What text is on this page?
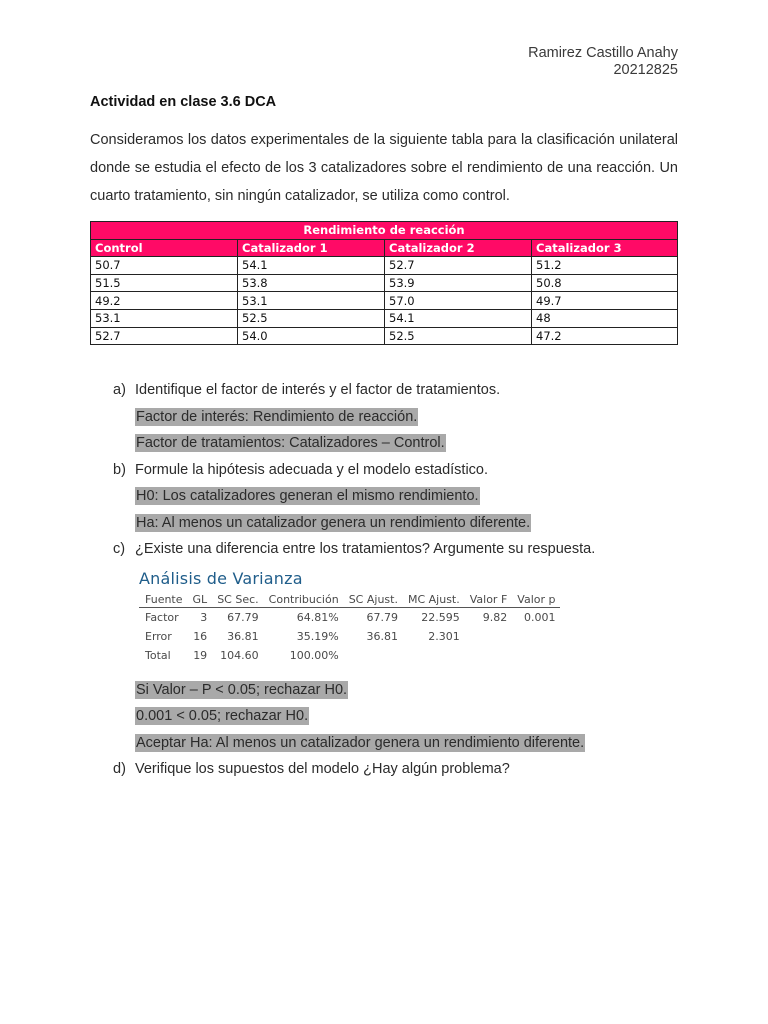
Ramirez Castillo Anahy
20212825
Actividad en clase 3.6 DCA
Consideramos los datos experimentales de la siguiente tabla para la clasificación unilateral donde se estudia el efecto de los 3 catalizadores sobre el rendimiento de una reacción. Un cuarto tratamiento, sin ningún catalizador, se utiliza como control.
Rendimiento de reacción			
Control	Catalizador 1	Catalizador 2	Catalizador 3
50.7	54.1	52.7	51.2
51.5	53.8	53.9	50.8
49.2	53.1	57.0	49.7
53.1	52.5	54.1	48
52.7	54.0	52.5	47.2
a) Identifique el factor de interés y el factor de tratamientos.
Factor de interés: Rendimiento de reacción.
Factor de tratamientos: Catalizadores – Control.
b) Formule la hipótesis adecuada y el modelo estadístico.
H0: Los catalizadores generan el mismo rendimiento.
Ha: Al menos un catalizador genera un rendimiento diferente.
c) ¿Existe una diferencia entre los tratamientos? Argumente su respuesta.
Análisis de Varianza
Fuente	GL	SC Sec.	Contribución	SC Ajust.	MC Ajust.	Valor F	Valor p
Factor	3	67.79	64.81%	67.79	22.595	9.82	0.001
Error	16	36.81	35.19%	36.81	2.301		
Total	19	104.60	100.00%				
Si Valor – P < 0.05; rechazar H0.
0.001 < 0.05; rechazar H0.
Aceptar Ha: Al menos un catalizador genera un rendimiento diferente.
d) Verifique los supuestos del modelo ¿Hay algún problema?
